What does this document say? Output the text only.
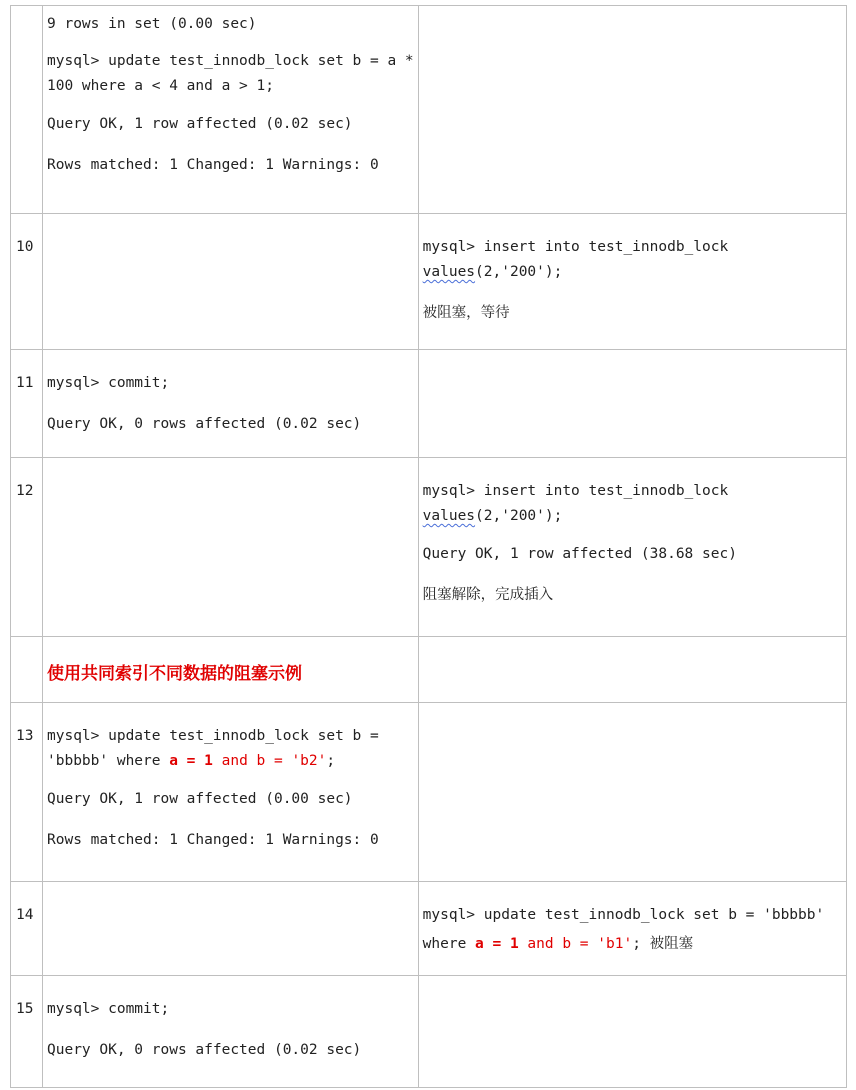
	9 rows in set (0.00 sec)

mysql> update test_innodb_lock set b = a *

100 where a < 4 and a > 1;

Query OK, 1 row affected (0.02 sec)

Rows matched: 1 Changed: 1 Warnings: 0	

10		mysql> insert into test_innodb_lock

values(2,'200');

被阻塞，等待

11	mysql> commit;

Query OK, 0 rows affected (0.02 sec)	

12		mysql> insert into test_innodb_lock

values(2,'200');

Query OK, 1 row affected (38.68 sec)

阻塞解除，完成插入

	使用共同索引不同数据的阻塞示例	

13	mysql> update test_innodb_lock set b =

'bbbbb' where a = 1 and b = 'b2';

Query OK, 1 row affected (0.00 sec)

Rows matched: 1 Changed: 1 Warnings: 0	

14		mysql> update test_innodb_lock set b = 'bbbbb'

where a = 1 and b = 'b1'; 被阻塞

15	mysql> commit;

Query OK, 0 rows affected (0.02 sec)	
